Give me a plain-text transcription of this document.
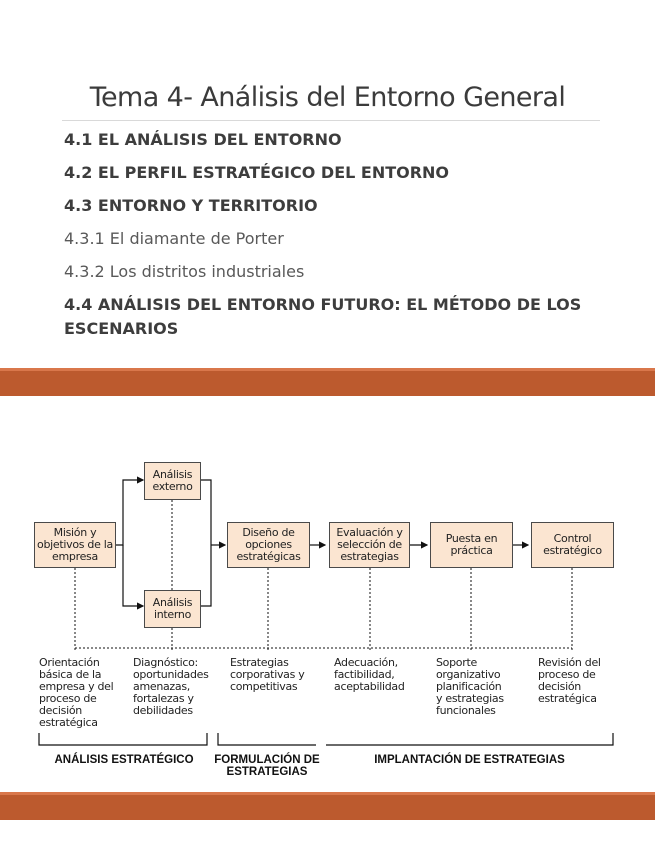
Tema 4- Análisis del Entorno General
4.1 EL ANÁLISIS DEL ENTORNO
4.2 EL PERFIL ESTRATÉGICO DEL ENTORNO
4.3 ENTORNO Y TERRITORIO
4.3.1 El diamante de Porter
4.3.2 Los distritos industriales
4.4 ANÁLISIS DEL ENTORNO FUTURO: EL MÉTODO DE LOS ESCENARIOS
Misión y objetivos de la empresa
Análisis externo
Análisis interno
Diseño de opciones estratégicas
Evaluación y selección de estrategias
Puesta en práctica
Control estratégico
Orientación básica de la empresa y del proceso de decisión estratégica
Diagnóstico: oportunidades amenazas, fortalezas y debilidades
Estrategias corporativas y competitivas
Adecuación, factibilidad, aceptabilidad
Soporte organizativo planificación y estrategias funcionales
Revisión del proceso de decisión estratégica
ANÁLISIS ESTRATÉGICO	FORMULACIÓN DE ESTRATEGIAS
IMPLANTACIÓN DE ESTRATEGIAS
